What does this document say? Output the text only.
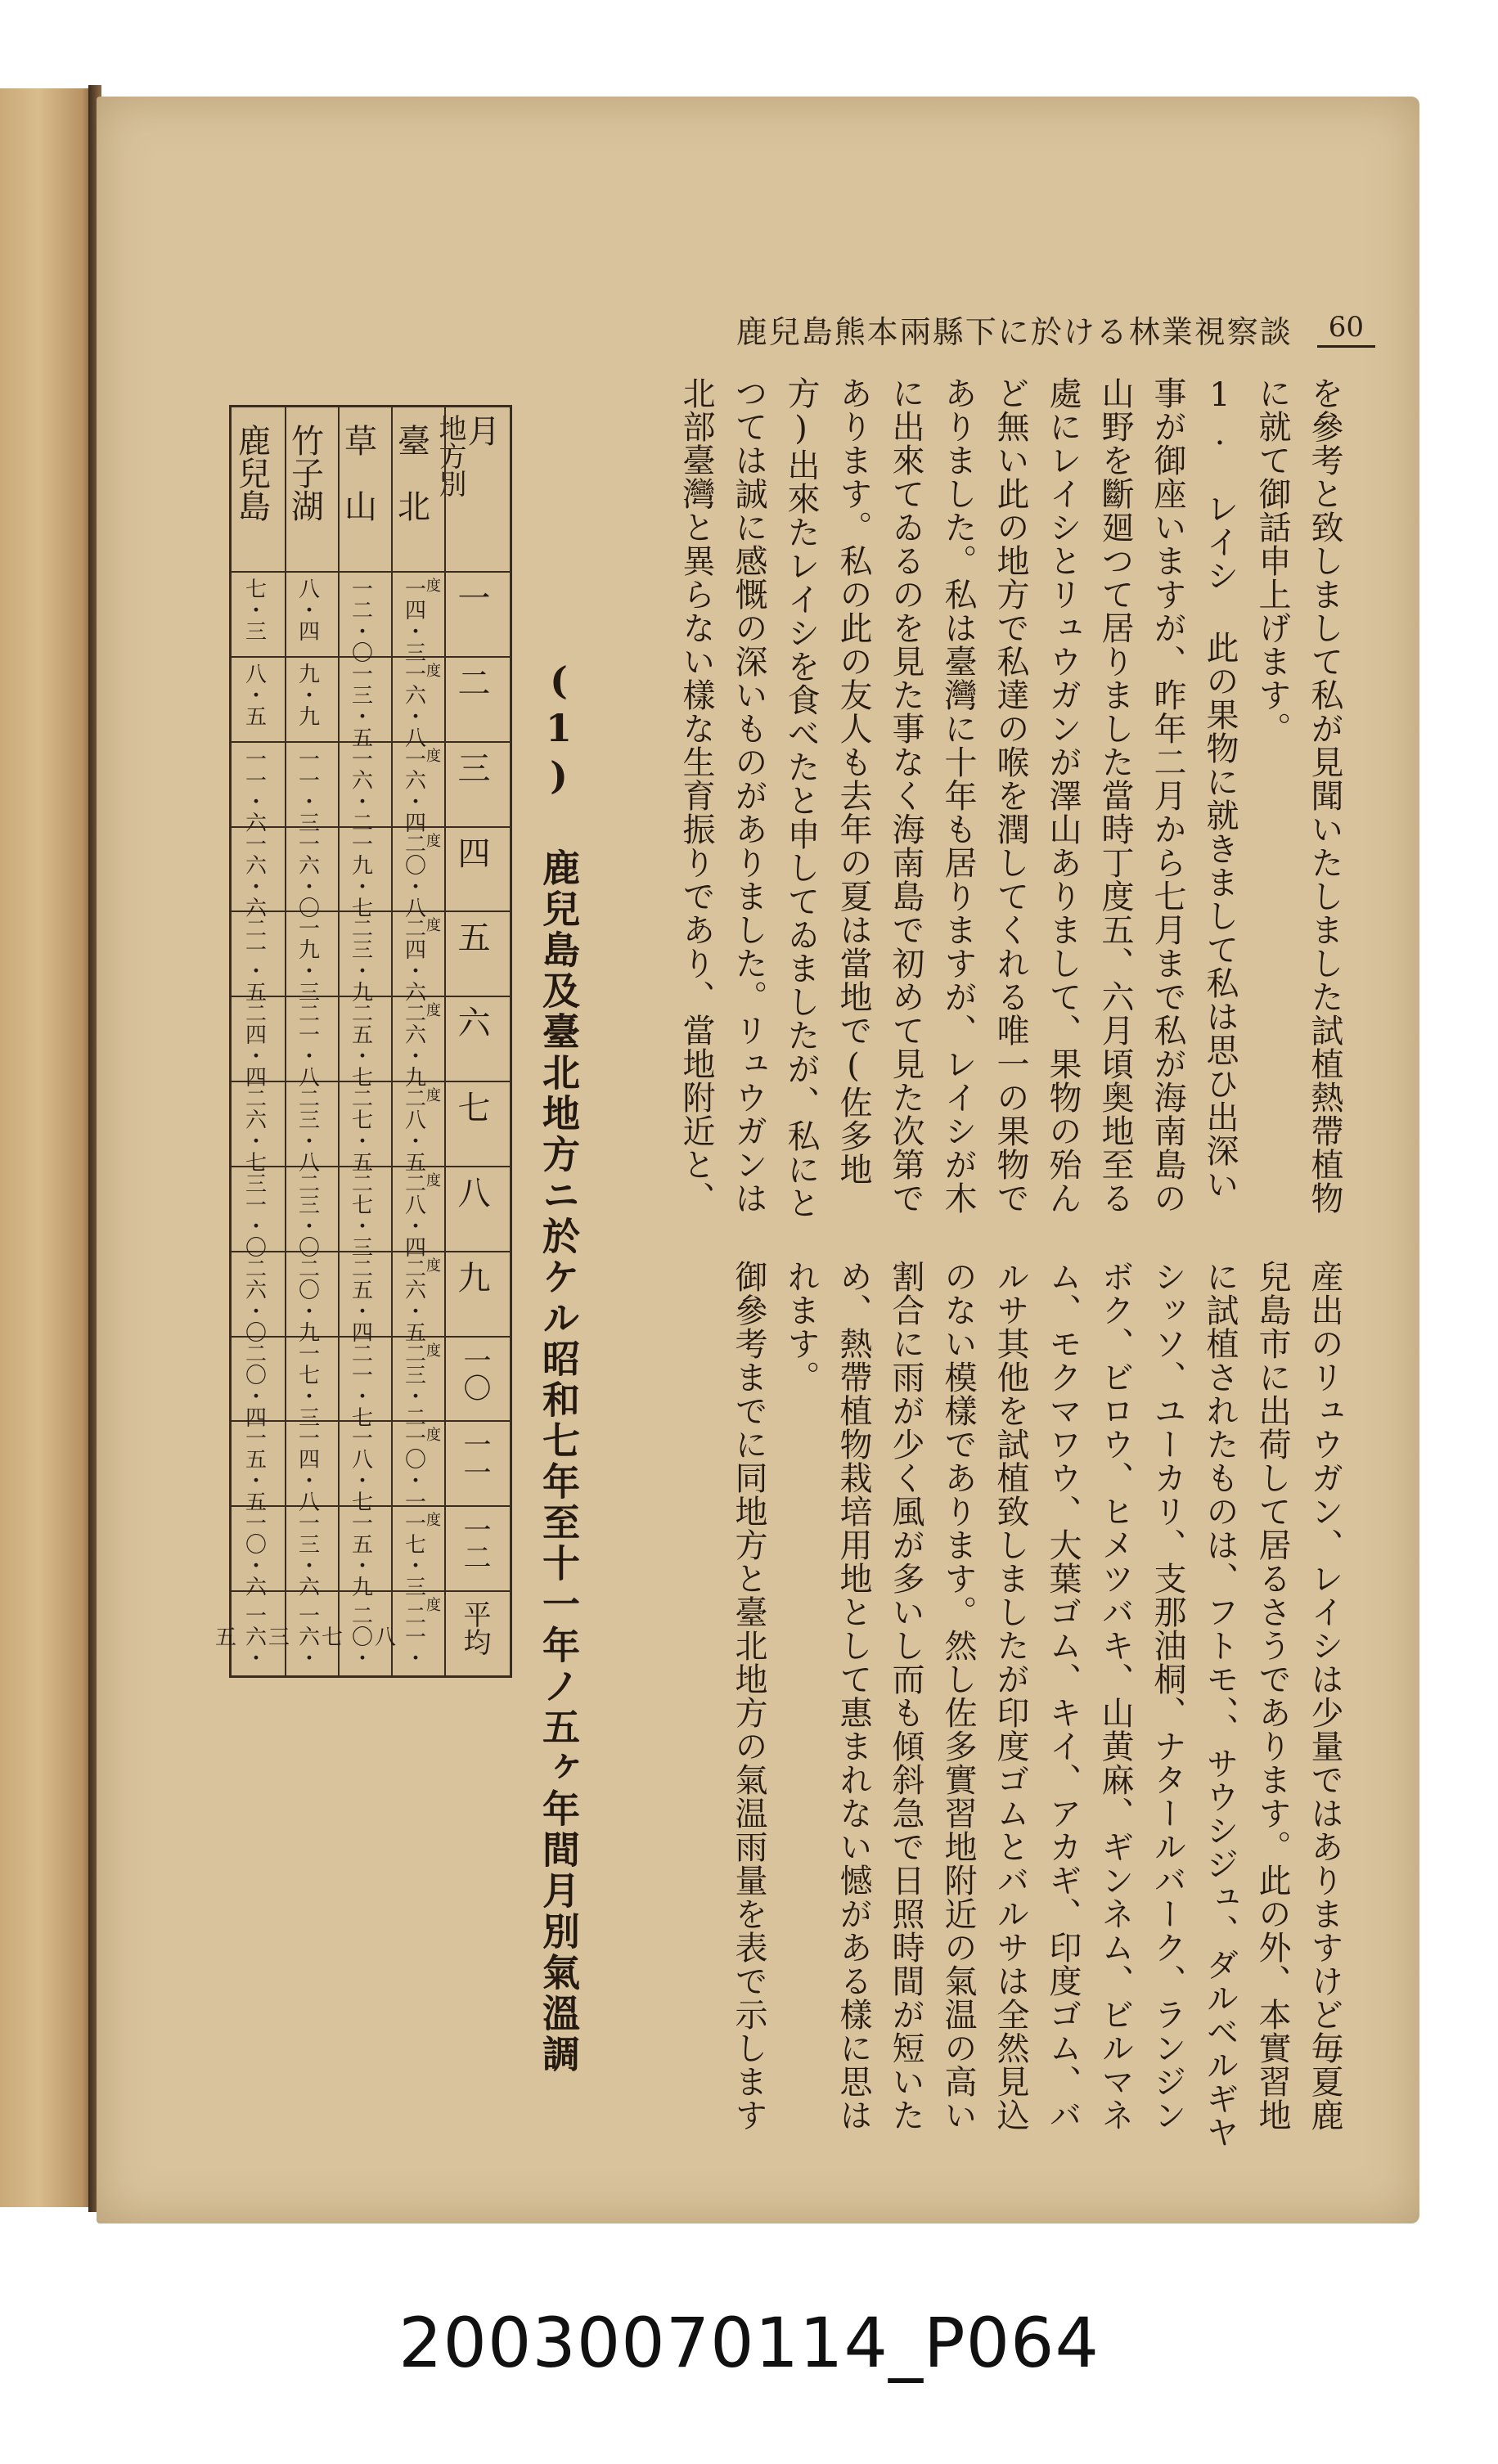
鹿兒島熊本兩縣下に於ける林業視察談	60

を參考と致しまして私が見聞いたしました試植熱帶植物に就て御話申上げます。

1. レイシ 此の果物に就きまして私は思ひ出深い事が御座いますが、昨年二月から七月まで私が海南島の山野を斷廻つて居りました當時丁度五、六月頃奥地至る處にレイシとリュウガンが澤山ありまして、果物の殆んど無い此の地方で私達の喉を潤してくれる唯一の果物でありました。私は臺灣に十年も居りますが、レイシが木に出來てゐるのを見た事なく海南島で初めて見た次第であります。私の此の友人も去年の夏は當地で(佐多地方)出來たレイシを食べたと申してゐましたが、私にとつては誠に感慨の深いものがありました。リュウガンは北部臺灣と異らない樣な生育振りであり、當地附近と、

産出のリュウガン、レイシは少量ではありますけど毎夏鹿兒島市に出荷して居るさうであります。此の外、本實習地に試植されたものは、フトモ、、サウシジュ、ダルベルギヤシッソ、ユーカリ、支那油桐、ナタールバーク、ランジンボク、ビロウ、ヒメツバキ、山黄麻、ギンネム、ビルマネム、モクマワウ、大葉ゴム、キイ、アカギ、印度ゴム、バルサ其他を試植致しましたが印度ゴムとバルサは全然見込のない模樣であります。然し佐多實習地附近の氣温の高い割合に雨が少く風が多いし而も傾斜急で日照時間が短いため、熱帶植物栽培用地として惠まれない憾がある樣に思はれます。

御參考までに同地方と臺北地方の氣温雨量を表で示します

(1) 鹿兒島及臺北地方ニ於ケル昭和七年至十一年ノ五ヶ年間月別氣溫調
月
地方別
臺　北
草　山
竹子湖
鹿兒島
一
一四・三
度
一二・〇
八・四
七・三
二
一六・八
度
一三・五
九・九
八・五
三
一六・四
度
一六・二
一一・三
一一・六
四
二〇・八
度
一九・七
一六・〇
一六・六
五
二四・六
度
二三・九
一九・三
二一・五
六
二六・九
度
二五・七
二一・八
二四・四
七
二八・五
度
二七・五
二三・八
二六・七
八
二八・四
度
二七・三
二三・〇
三一・〇
九
二六・五
度
二五・四
二〇・九
二六・〇
一〇
二三・二
度
二一・七
一七・三
二〇・四
一一
一〇・一
度
一八・七
一四・八
一五・五
一二
一七・三
度
一五・九
一三・六
一〇・六
平均
二一・八
度
二〇・七
一六・三
一六・五
20030070114_P064
